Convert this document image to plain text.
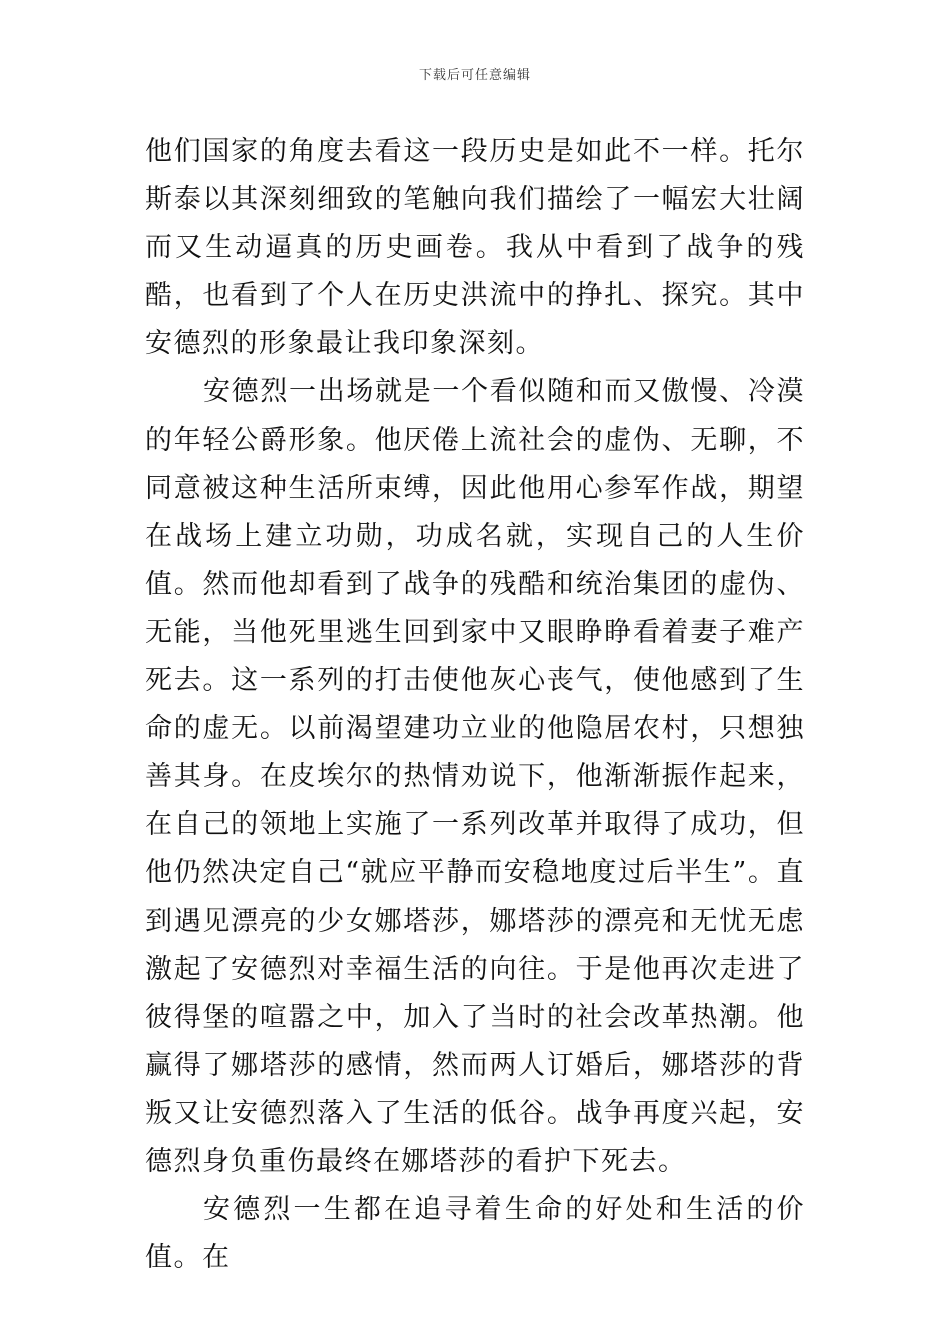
下载后可任意编辑

他们国家的角度去看这一段历史是如此不一样。托尔斯泰以其深刻细致的笔触向我们描绘了一幅宏大壮阔而又生动逼真的历史画卷。我从中看到了战争的残酷，也看到了个人在历史洪流中的挣扎、探究。其中安德烈的形象最让我印象深刻。

安德烈一出场就是一个看似随和而又傲慢、冷漠的年轻公爵形象。他厌倦上流社会的虚伪、无聊，不同意被这种生活所束缚，因此他用心参军作战，期望在战场上建立功勋，功成名就，实现自己的人生价值。然而他却看到了战争的残酷和统治集团的虚伪、无能，当他死里逃生回到家中又眼睁睁看着妻子难产死去。这一系列的打击使他灰心丧气，使他感到了生命的虚无。以前渴望建功立业的他隐居农村，只想独善其身。在皮埃尔的热情劝说下，他渐渐振作起来，在自己的领地上实施了一系列改革并取得了成功，但他仍然决定自己“就应平静而安稳地度过后半生”。直到遇见漂亮的少女娜塔莎，娜塔莎的漂亮和无忧无虑激起了安德烈对幸福生活的向往。于是他再次走进了彼得堡的喧嚣之中，加入了当时的社会改革热潮。他赢得了娜塔莎的感情，然而两人订婚后，娜塔莎的背叛又让安德烈落入了生活的低谷。战争再度兴起，安德烈身负重伤最终在娜塔莎的看护下死去。

安德烈一生都在追寻着生命的好处和生活的价值。在
